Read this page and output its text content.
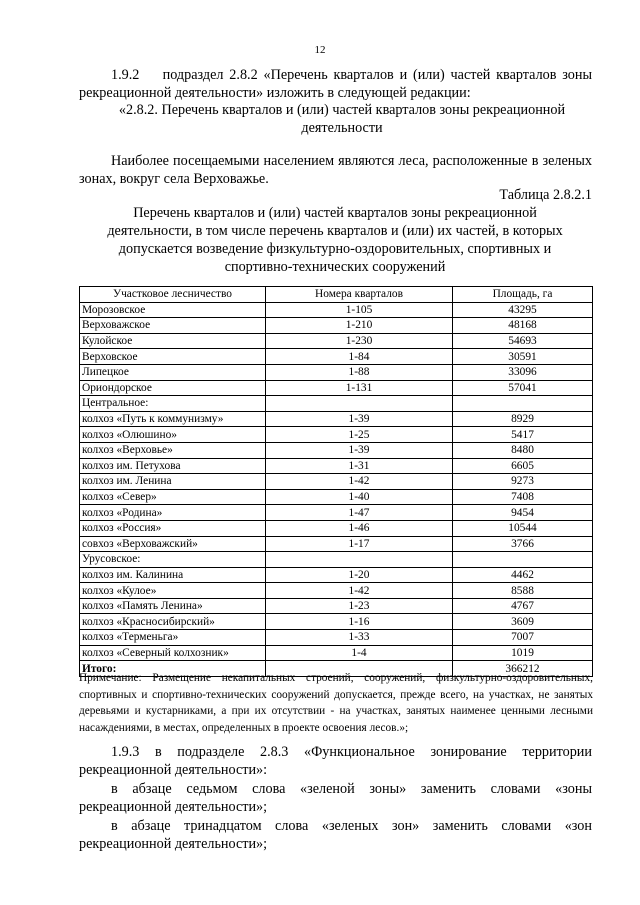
12
1.9.2    подраздел 2.8.2 «Перечень кварталов и (или) частей кварталов зоны рекреационной деятельности» изложить в следующей редакции:
«2.8.2. Перечень кварталов и (или) частей кварталов зоны рекреационной деятельности
Наиболее посещаемыми населением являются леса, расположенные в зеленых зонах, вокруг села Верховажье.
Таблица 2.8.2.1
Перечень кварталов и (или) частей кварталов зоны рекреационной деятельности, в том числе перечень кварталов и (или) их частей, в которых допускается возведение физкультурно-оздоровительных, спортивных и спортивно-технических сооружений
Участковое лесничество	Номера кварталов	Площадь, га
Морозовское	1-105	43295
Верховажское	1-210	48168
Кулойское	1-230	54693
Верховское	1-84	30591
Липецкое	1-88	33096
Ориондорское	1-131	57041
Центральное:		
колхоз «Путь к коммунизму»	1-39	8929
колхоз «Олюшино»	1-25	5417
колхоз «Верховье»	1-39	8480
колхоз им. Петухова	1-31	6605
колхоз им. Ленина	1-42	9273
колхоз «Север»	1-40	7408
колхоз «Родина»	1-47	9454
колхоз «Россия»	1-46	10544
совхоз «Верховажский»	1-17	3766
Урусовское:		
колхоз им. Калинина	1-20	4462
колхоз «Кулое»	1-42	8588
колхоз «Память Ленина»	1-23	4767
колхоз «Красносибирский»	1-16	3609
колхоз «Терменьга»	1-33	7007
колхоз «Северный колхозник»	1-4	1019
Итого:		366212
Примечание: Размещение некапитальных строений, сооружений, физкультурно-оздоровительных, спортивных и спортивно-технических сооружений допускается, прежде всего, на участках, не занятых деревьями и кустарниками, а при их отсутствии - на участках, занятых наименее ценными лесными насаждениями, в местах, определенных в проекте освоения лесов.»;
1.9.3 в подразделе 2.8.3 «Функциональное зонирование территории рекреационной деятельности»:
в абзаце седьмом слова «зеленой зоны» заменить словами «зоны рекреационной деятельности»;
в абзаце тринадцатом слова «зеленых зон» заменить словами «зон рекреационной деятельности»;
